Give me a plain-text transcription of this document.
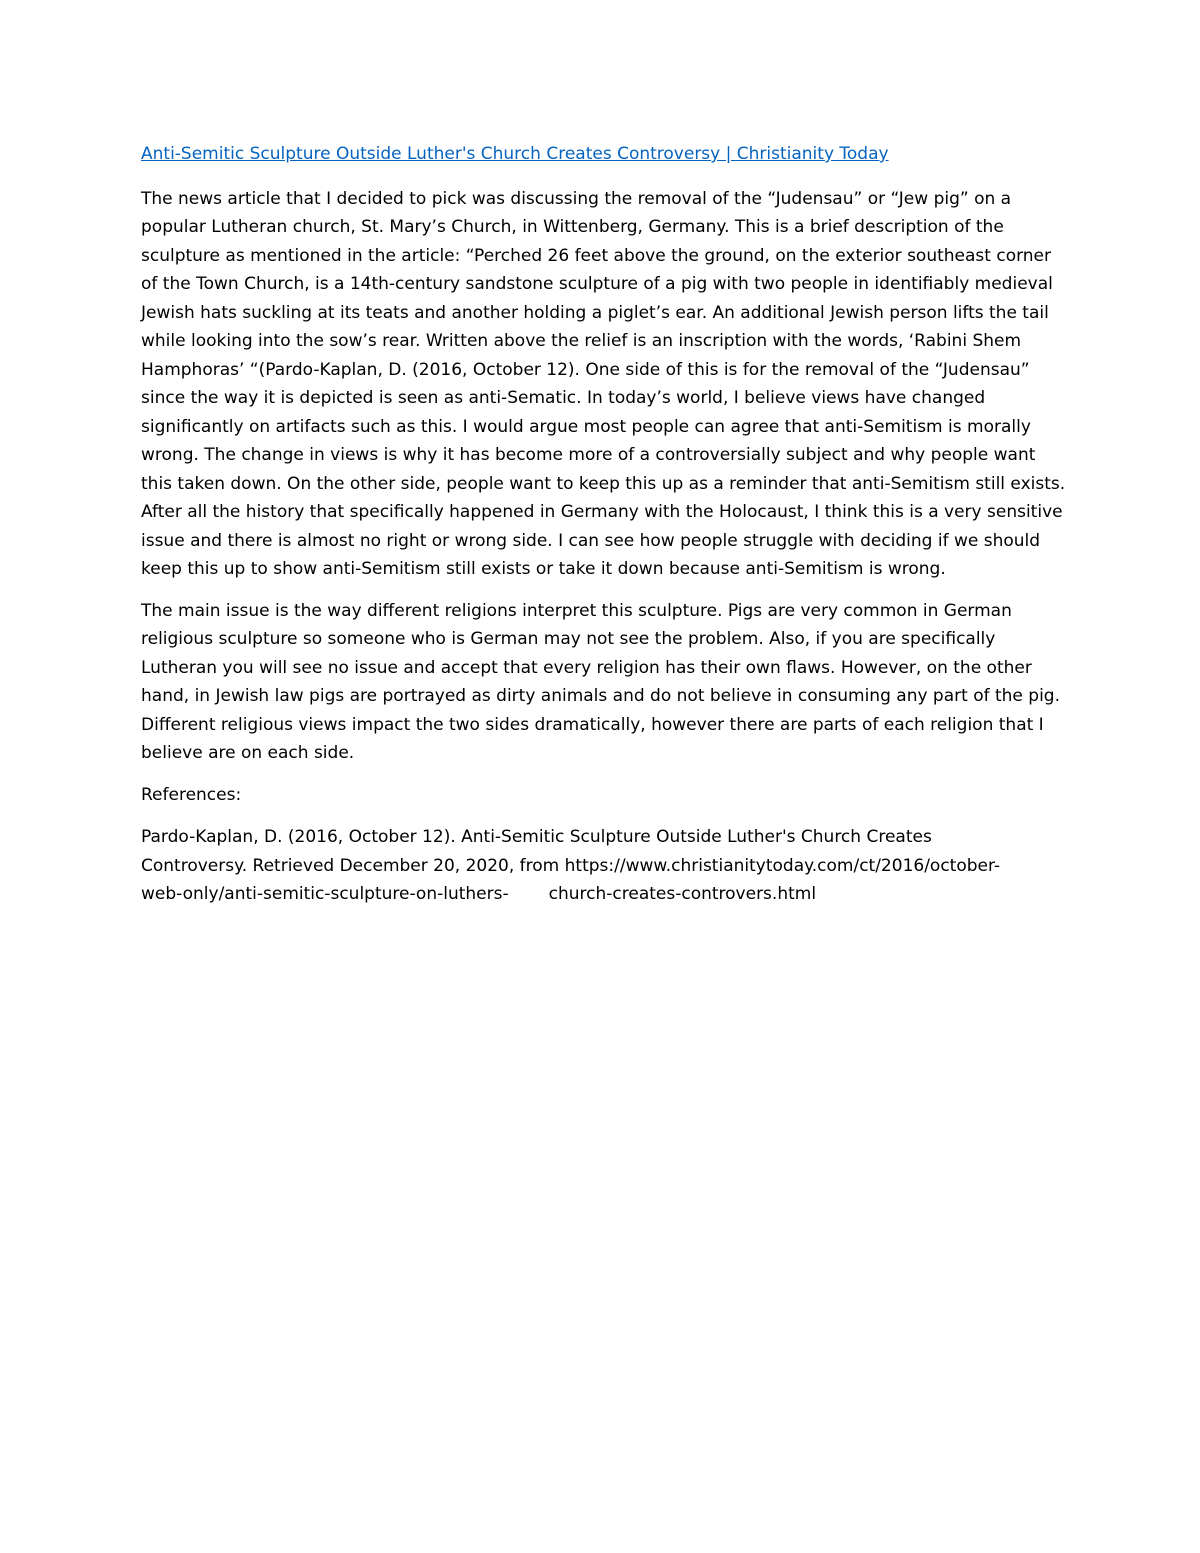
Anti-Semitic Sculpture Outside Luther's Church Creates Controversy | Christianity Today

The news article that I decided to pick was discussing the removal of the “Judensau” or “Jew pig” on a popular Lutheran church, St. Mary’s Church, in Wittenberg, Germany. This is a brief description of the sculpture as mentioned in the article: “Perched 26 feet above the ground, on the exterior southeast corner of the Town Church, is a 14th-century sandstone sculpture of a pig with two people in identifiably medieval Jewish hats suckling at its teats and another holding a piglet’s ear. An additional Jewish person lifts the tail while looking into the sow’s rear. Written above the relief is an inscription with the words, ‘Rabini Shem Hamphoras’ “(Pardo-Kaplan, D. (2016, October 12). One side of this is for the removal of the “Judensau” since the way it is depicted is seen as anti-Sematic. In today’s world, I believe views have changed significantly on artifacts such as this. I would argue most people can agree that anti-Semitism is morally wrong. The change in views is why it has become more of a controversially subject and why people want this taken down. On the other side, people want to keep this up as a reminder that anti-Semitism still exists. After all the history that specifically happened in Germany with the Holocaust, I think this is a very sensitive issue and there is almost no right or wrong side. I can see how people struggle with deciding if we should keep this up to show anti-Semitism still exists or take it down because anti-Semitism is wrong.

The main issue is the way different religions interpret this sculpture. Pigs are very common in German religious sculpture so someone who is German may not see the problem. Also, if you are specifically Lutheran you will see no issue and accept that every religion has their own flaws. However, on the other hand, in Jewish law pigs are portrayed as dirty animals and do not believe in consuming any part of the pig. Different religious views impact the two sides dramatically, however there are parts of each religion that I believe are on each side.

References:

Pardo-Kaplan, D. (2016, October 12). Anti-Semitic Sculpture Outside Luther's Church Creates
Controversy. Retrieved December 20, 2020, from https://www.christianitytoday.com/ct/2016/october-
web-only/anti-semitic-sculpture-on-luthers- church-creates-controvers.html
